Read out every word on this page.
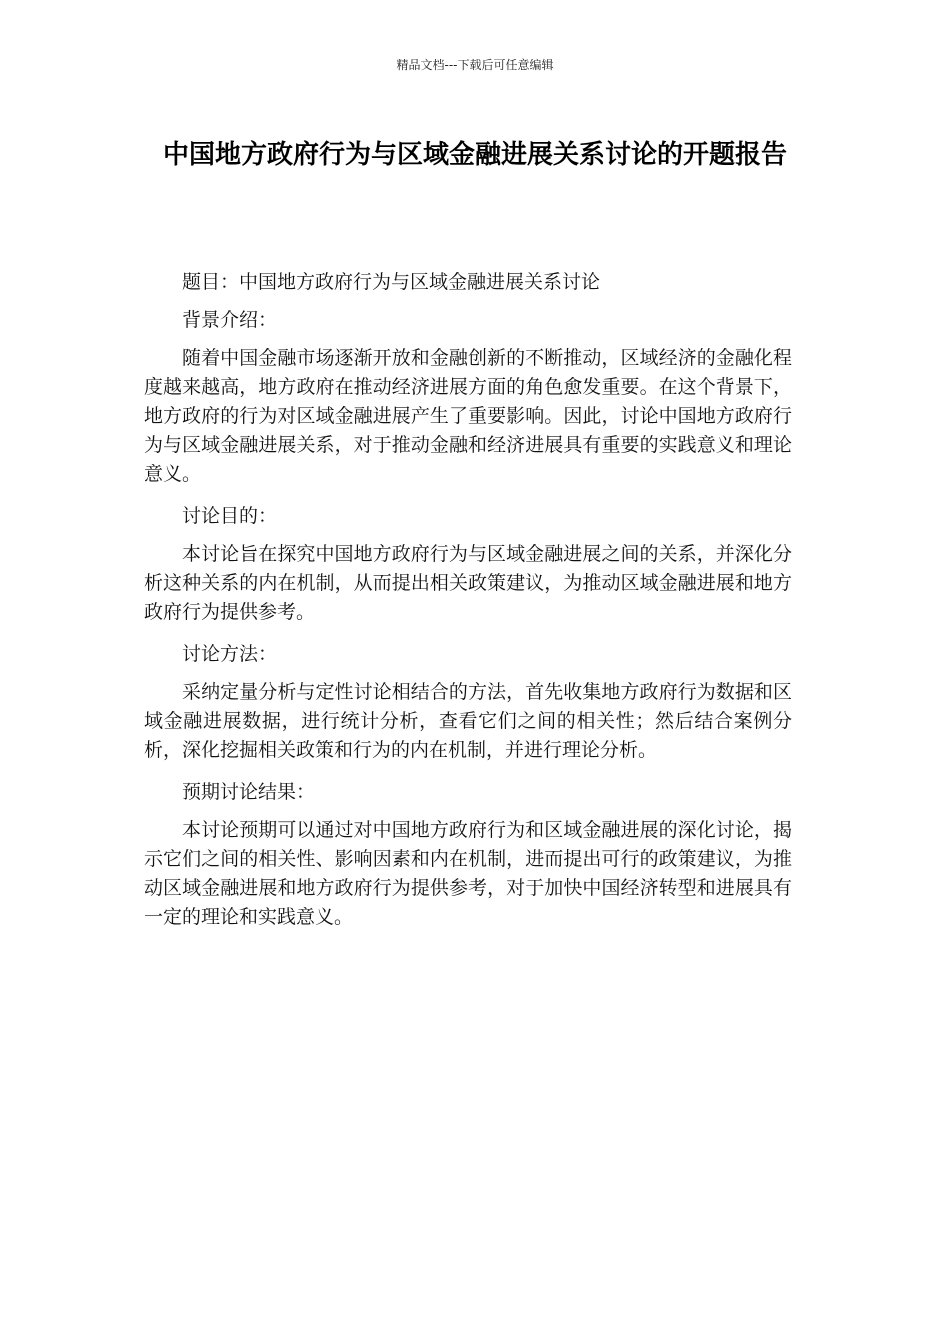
精品文档---下载后可任意编辑
中国地方政府行为与区域金融进展关系讨论的开题报告

题目：中国地方政府行为与区域金融进展关系讨论

背景介绍：

随着中国金融市场逐渐开放和金融创新的不断推动，区域经济的金融化程度越来越高，地方政府在推动经济进展方面的角色愈发重要。在这个背景下，地方政府的行为对区域金融进展产生了重要影响。因此，讨论中国地方政府行为与区域金融进展关系，对于推动金融和经济进展具有重要的实践意义和理论意义。

讨论目的：

本讨论旨在探究中国地方政府行为与区域金融进展之间的关系，并深化分析这种关系的内在机制，从而提出相关政策建议，为推动区域金融进展和地方政府行为提供参考。

讨论方法：

采纳定量分析与定性讨论相结合的方法，首先收集地方政府行为数据和区域金融进展数据，进行统计分析，查看它们之间的相关性；然后结合案例分析，深化挖掘相关政策和行为的内在机制，并进行理论分析。

预期讨论结果：

本讨论预期可以通过对中国地方政府行为和区域金融进展的深化讨论，揭示它们之间的相关性、影响因素和内在机制，进而提出可行的政策建议，为推动区域金融进展和地方政府行为提供参考，对于加快中国经济转型和进展具有一定的理论和实践意义。
